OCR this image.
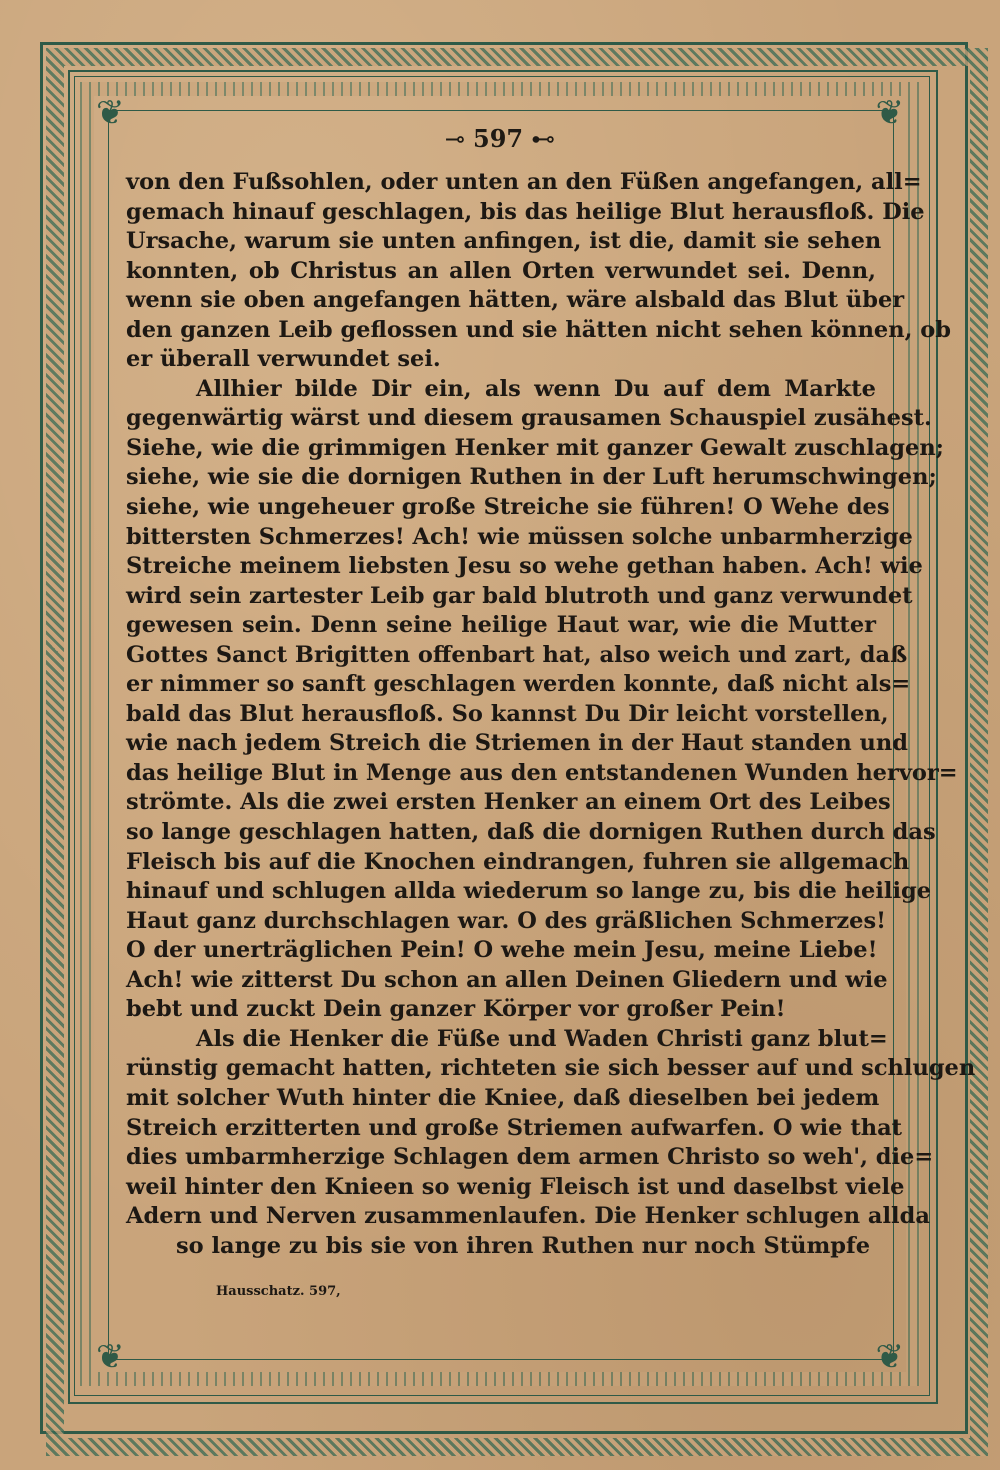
❦	❦
❦	❦
⊸ 597 ⊷
von den Fußsohlen, oder unten an den Füßen angefangen, all=
gemach hinauf geschlagen, bis das heilige Blut herausfloß. Die
Ursache, warum sie unten anfingen, ist die, damit sie sehen
konnten, ob Christus an allen Orten verwundet sei. Denn,
wenn sie oben angefangen hätten, wäre alsbald das Blut über
den ganzen Leib geflossen und sie hätten nicht sehen können, ob
er überall verwundet sei.
Allhier bilde Dir ein, als wenn Du auf dem Markte
gegenwärtig wärst und diesem grausamen Schauspiel zusähest.
Siehe, wie die grimmigen Henker mit ganzer Gewalt zuschlagen;
siehe, wie sie die dornigen Ruthen in der Luft herumschwingen;
siehe, wie ungeheuer große Streiche sie führen! O Wehe des
bittersten Schmerzes! Ach! wie müssen solche unbarmherzige
Streiche meinem liebsten Jesu so wehe gethan haben. Ach! wie
wird sein zartester Leib gar bald blutroth und ganz verwundet
gewesen sein. Denn seine heilige Haut war, wie die Mutter
Gottes Sanct Brigitten offenbart hat, also weich und zart, daß
er nimmer so sanft geschlagen werden konnte, daß nicht als=
bald das Blut herausfloß. So kannst Du Dir leicht vorstellen,
wie nach jedem Streich die Striemen in der Haut standen und
das heilige Blut in Menge aus den entstandenen Wunden hervor=
strömte. Als die zwei ersten Henker an einem Ort des Leibes
so lange geschlagen hatten, daß die dornigen Ruthen durch das
Fleisch bis auf die Knochen eindrangen, fuhren sie allgemach
hinauf und schlugen allda wiederum so lange zu, bis die heilige
Haut ganz durchschlagen war. O des gräßlichen Schmerzes!
O der unerträglichen Pein! O wehe mein Jesu, meine Liebe!
Ach! wie zitterst Du schon an allen Deinen Gliedern und wie
bebt und zuckt Dein ganzer Körper vor großer Pein!
Als die Henker die Füße und Waden Christi ganz blut=
rünstig gemacht hatten, richteten sie sich besser auf und schlugen
mit solcher Wuth hinter die Kniee, daß dieselben bei jedem
Streich erzitterten und große Striemen aufwarfen. O wie that
dies umbarmherzige Schlagen dem armen Christo so weh', die=
weil hinter den Knieen so wenig Fleisch ist und daselbst viele
Adern und Nerven zusammenlaufen. Die Henker schlugen allda
so lange zu bis sie von ihren Ruthen nur noch Stümpfe
Hausschatz. 597,
